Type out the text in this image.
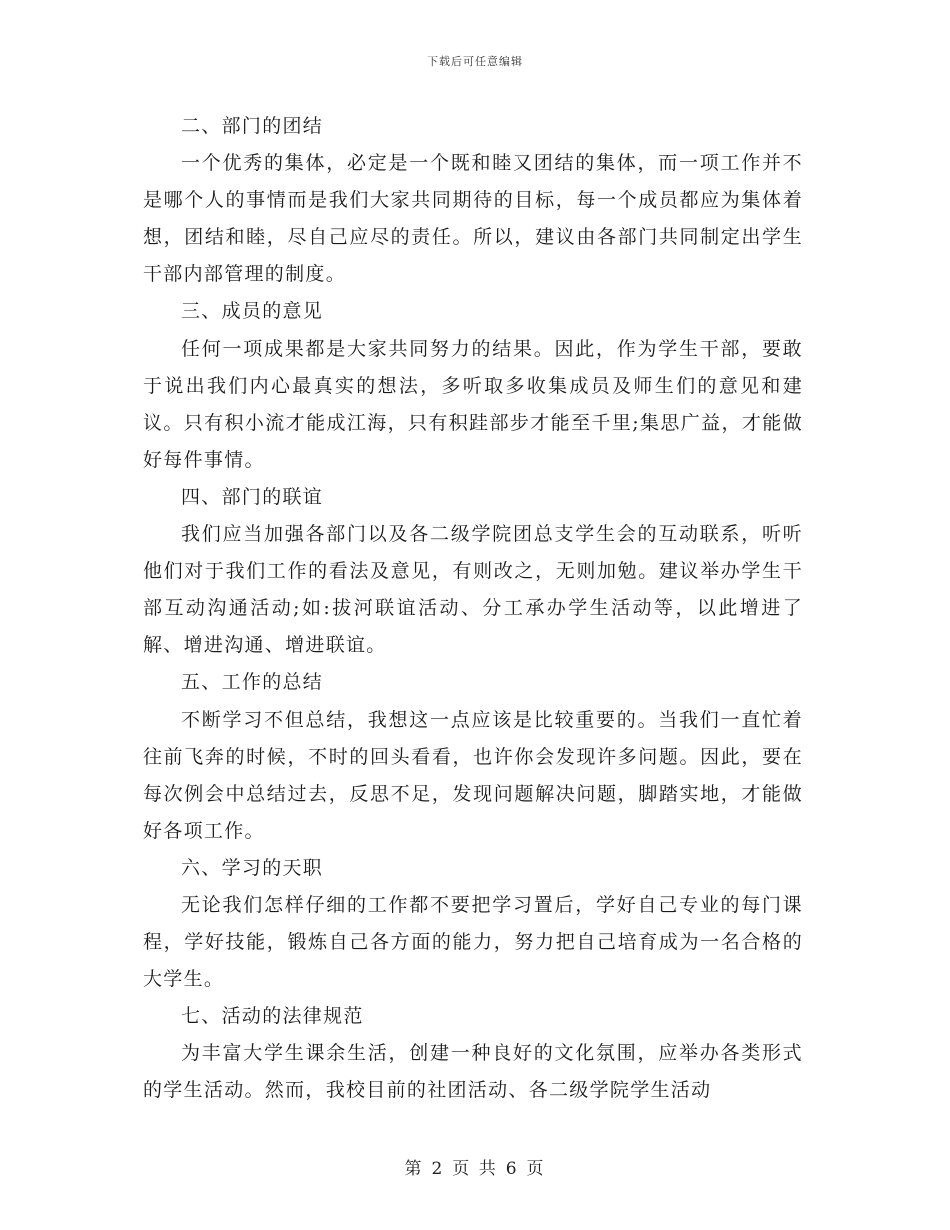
下载后可任意编辑

二、部门的团结

一个优秀的集体，必定是一个既和睦又团结的集体，而一项工作并不是哪个人的事情而是我们大家共同期待的目标，每一个成员都应为集体着想，团结和睦，尽自己应尽的责任。所以，建议由各部门共同制定出学生干部内部管理的制度。

三、成员的意见

任何一项成果都是大家共同努力的结果。因此，作为学生干部，要敢于说出我们内心最真实的想法，多听取多收集成员及师生们的意见和建议。只有积小流才能成江海，只有积跬部步才能至千里;集思广益，才能做好每件事情。

四、部门的联谊

我们应当加强各部门以及各二级学院团总支学生会的互动联系，听听他们对于我们工作的看法及意见，有则改之，无则加勉。建议举办学生干部互动沟通活动;如:拔河联谊活动、分工承办学生活动等，以此增进了解、增进沟通、增进联谊。

五、工作的总结

不断学习不但总结，我想这一点应该是比较重要的。当我们一直忙着往前飞奔的时候，不时的回头看看，也许你会发现许多问题。因此，要在每次例会中总结过去，反思不足，发现问题解决问题，脚踏实地，才能做好各项工作。

六、学习的天职

无论我们怎样仔细的工作都不要把学习置后，学好自己专业的每门课程，学好技能，锻炼自己各方面的能力，努力把自己培育成为一名合格的大学生。

七、活动的法律规范

为丰富大学生课余生活，创建一种良好的文化氛围，应举办各类形式的学生活动。然而，我校目前的社团活动、各二级学院学生活动

第 2 页 共 6 页
